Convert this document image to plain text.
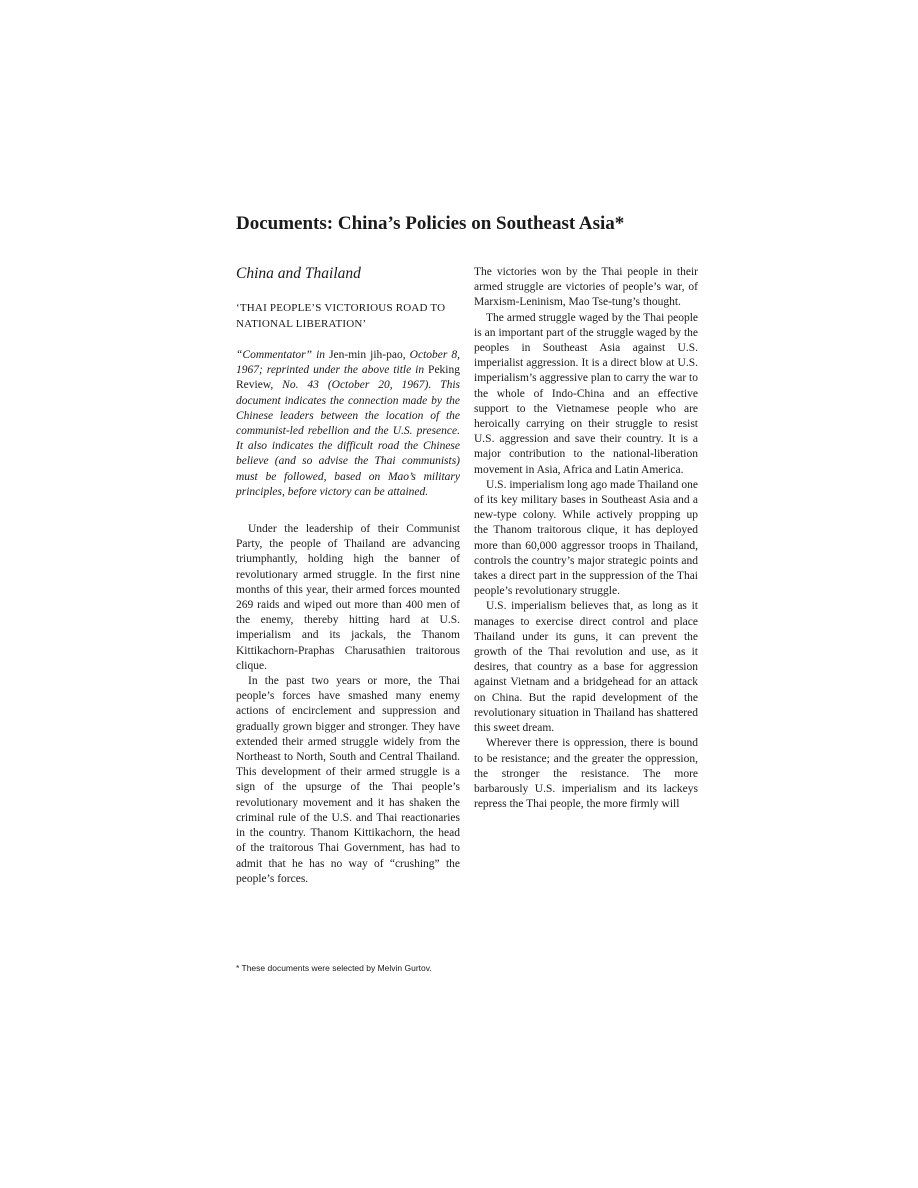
Documents: China’s Policies on Southeast Asia*
China and Thailand

‘THAI PEOPLE’S VICTORIOUS ROAD TO NATIONAL LIBERATION’

“Commentator” in Jen-min jih-pao, October 8, 1967; reprinted under the above title in Peking Review, No. 43 (October 20, 1967). This document indicates the connection made by the Chinese leaders between the location of the communist-led rebellion and the U.S. presence. It also indicates the difficult road the Chinese believe (and so advise the Thai communists) must be followed, based on Mao’s military principles, before victory can be attained.

Under the leadership of their Communist Party, the people of Thailand are advancing triumphantly, holding high the banner of revolutionary armed struggle. In the first nine months of this year, their armed forces mounted 269 raids and wiped out more than 400 men of the enemy, thereby hitting hard at U.S. imperialism and its jackals, the Thanom Kittikachorn-Praphas Charusathien traitorous clique.

In the past two years or more, the Thai people’s forces have smashed many enemy actions of encirclement and suppression and gradually grown bigger and stronger. They have extended their armed struggle widely from the Northeast to North, South and Central Thailand. This development of their armed struggle is a sign of the upsurge of the Thai people’s revolutionary movement and it has shaken the criminal rule of the U.S. and Thai reactionaries in the country. Thanom Kittikachorn, the head of the traitorous Thai Government, has had to admit that he has no way of “crushing” the people’s forces.

The victories won by the Thai people in their armed struggle are victories of people’s war, of Marxism-Leninism, Mao Tse-tung’s thought.

The armed struggle waged by the Thai people is an important part of the struggle waged by the peoples in Southeast Asia against U.S. imperialist aggression. It is a direct blow at U.S. imperialism’s aggressive plan to carry the war to the whole of Indo-China and an effective support to the Vietnamese people who are heroically carrying on their struggle to resist U.S. aggression and save their country. It is a major contribution to the national-liberation movement in Asia, Africa and Latin America.

U.S. imperialism long ago made Thailand one of its key military bases in Southeast Asia and a new-type colony. While actively propping up the Thanom traitorous clique, it has deployed more than 60,000 aggressor troops in Thailand, controls the country’s major strategic points and takes a direct part in the suppression of the Thai people’s revolutionary struggle.

U.S. imperialism believes that, as long as it manages to exercise direct control and place Thailand under its guns, it can prevent the growth of the Thai revolution and use, as it desires, that country as a base for aggression against Vietnam and a bridgehead for an attack on China. But the rapid development of the revolutionary situation in Thailand has shattered this sweet dream.

Wherever there is oppression, there is bound to be resistance; and the greater the oppression, the stronger the resistance. The more barbarously U.S. imperialism and its lackeys repress the Thai people, the more firmly will

* These documents were selected by Melvin Gurtov.
